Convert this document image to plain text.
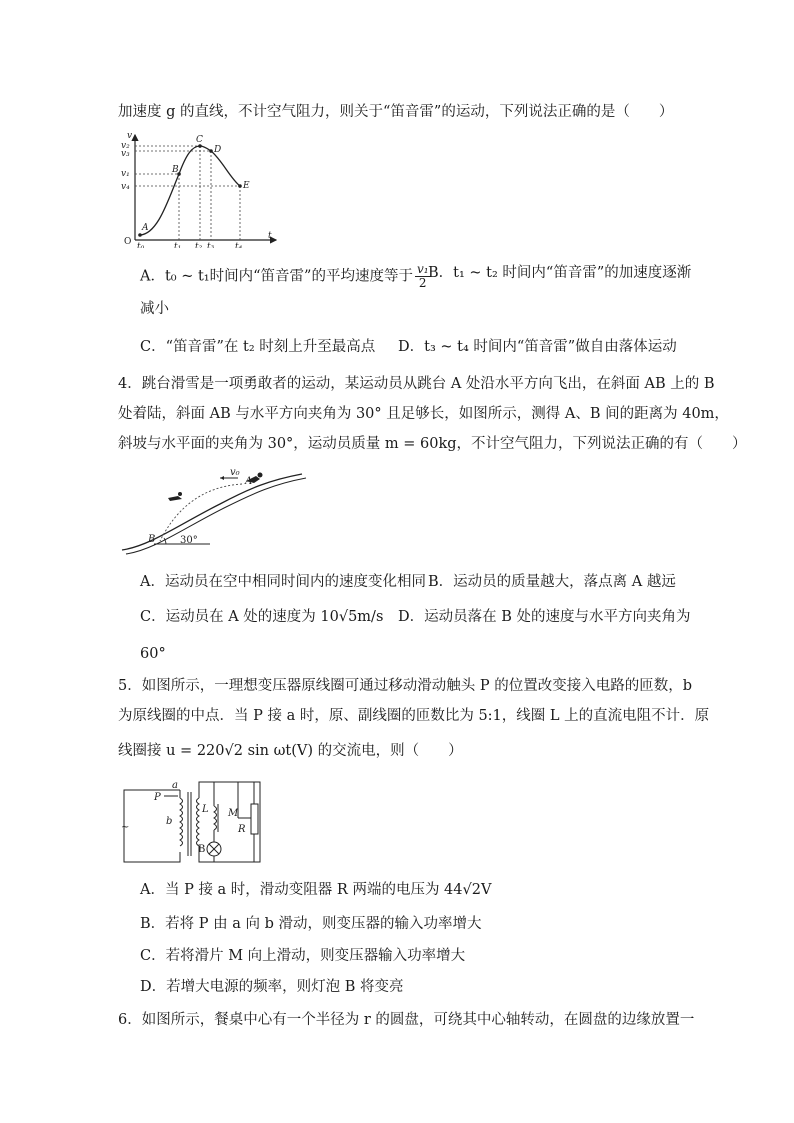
加速度 g 的直线，不计空气阻力，则关于“笛音雷”的运动，下列说法正确的是（　　）
v
t
O
v₂
v₃
v₁
v₄
t₀	t₁ t₂ t₃ t₄
A
B
C
D
E
A．t₀ ~ t₁时间内“笛音雷”的平均速度等于 $\frac{\text{v₁}}{2}$
B．t₁ ~ t₂ 时间内“笛音雷”的加速度逐渐
减小
C．“笛音雷”在 t₂ 时刻上升至最高点 D．t₃ ~ t₄ 时间内“笛音雷”做自由落体运动
4．跳台滑雪是一项勇敢者的运动，某运动员从跳台 A 处沿水平方向飞出，在斜面 AB 上的 B
处着陆，斜面 AB 与水平方向夹角为 30° 且足够长，如图所示，测得 A、B 间的距离为 40m，
斜坡与水平面的夹角为 30°，运动员质量 m = 60kg，不计空气阻力，下列说法正确的有（　　）
v₀
A
B 30°
A．运动员在空中相同时间内的速度变化相同 B．运动员的质量越大，落点离 A 越远
C．运动员在 A 处的速度为 10√5m/s D．运动员落在 B 处的速度与水平方向夹角为
60°
5．如图所示，一理想变压器原线圈可通过移动滑动触头 P 的位置改变接入电路的匝数，b
为原线圈的中点．当 P 接 a 时，原、副线圈的匝数比为 5:1，线圈 L 上的直流电阻不计．原
线圈接 u = 220√2 sin ωt(V) 的交流电，则（　　）
a
P
b
L M
R
B
~
A．当 P 接 a 时，滑动变阻器 R 两端的电压为 44√2V
B．若将 P 由 a 向 b 滑动，则变压器的输入功率增大
C．若将滑片 M 向上滑动，则变压器输入功率增大
D．若增大电源的频率，则灯泡 B 将变亮
6．如图所示，餐桌中心有一个半径为 r 的圆盘，可绕其中心轴转动，在圆盘的边缘放置一
